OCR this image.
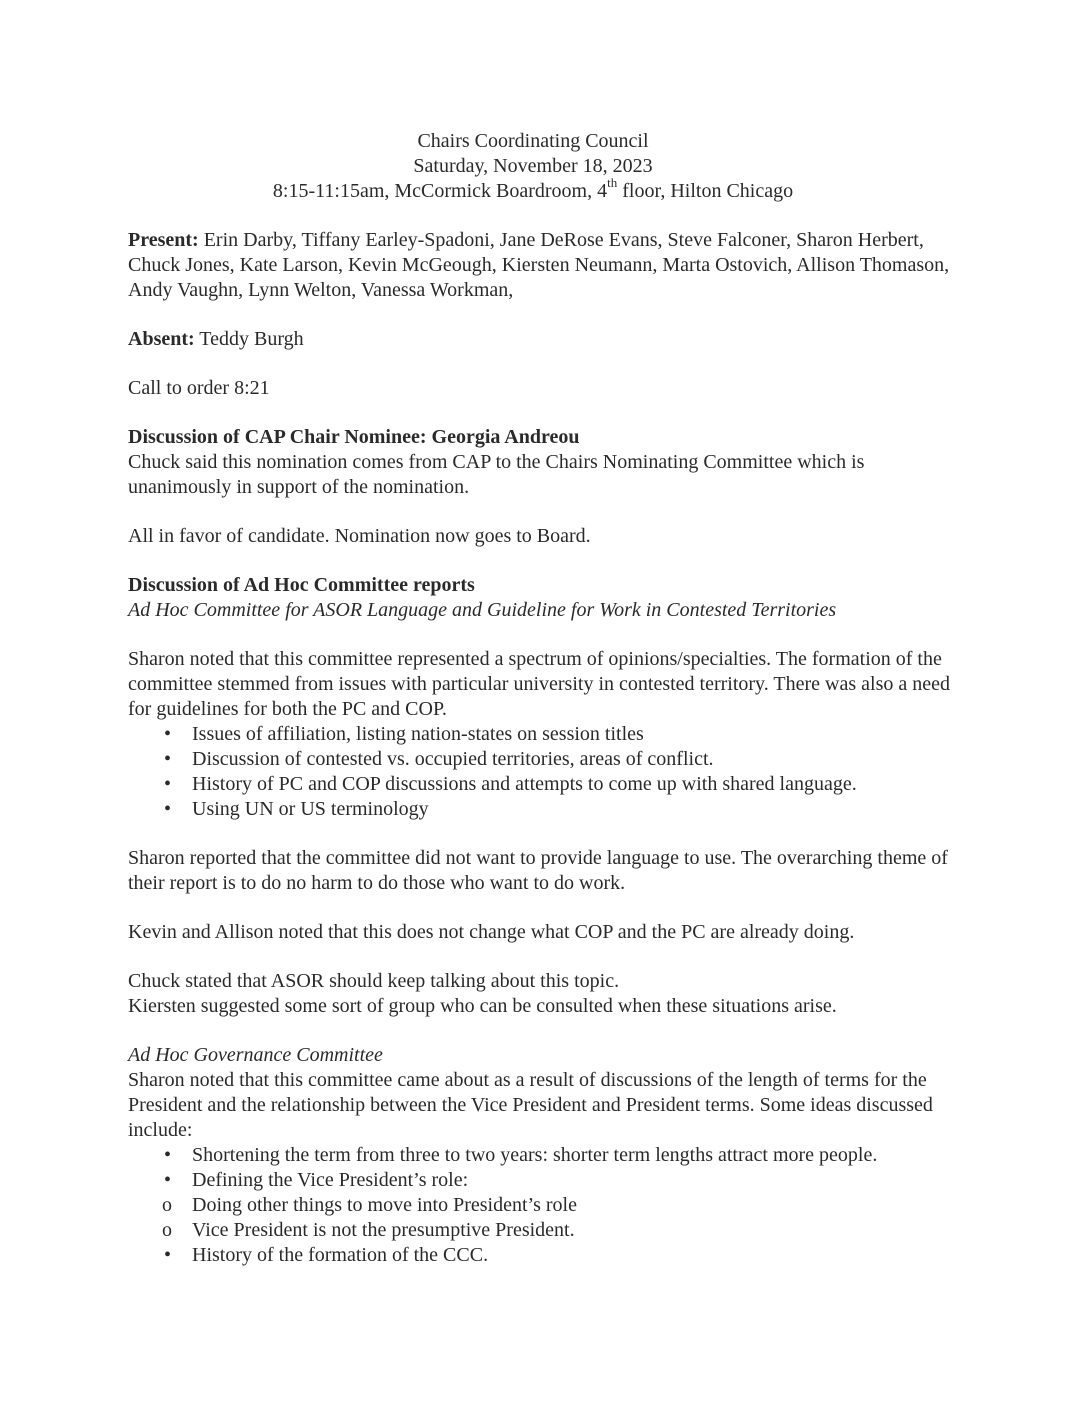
Chairs Coordinating Council
Saturday, November 18, 2023
8:15-11:15am, McCormick Boardroom, 4th floor, Hilton Chicago

Present: Erin Darby, Tiffany Earley-Spadoni, Jane DeRose Evans, Steve Falconer, Sharon Herbert, Chuck Jones, Kate Larson, Kevin McGeough, Kiersten Neumann, Marta Ostovich, Allison Thomason, Andy Vaughn, Lynn Welton, Vanessa Workman,

Absent: Teddy Burgh

Call to order 8:21

Discussion of CAP Chair Nominee: Georgia Andreou
Chuck said this nomination comes from CAP to the Chairs Nominating Committee which is unanimously in support of the nomination.

All in favor of candidate. Nomination now goes to Board.

Discussion of Ad Hoc Committee reports
Ad Hoc Committee for ASOR Language and Guideline for Work in Contested Territories

Sharon noted that this committee represented a spectrum of opinions/specialties. The formation of the committee stemmed from issues with particular university in contested territory. There was also a need for guidelines for both the PC and COP.

• Issues of affiliation, listing nation-states on session titles
• Discussion of contested vs. occupied territories, areas of conflict.
• History of PC and COP discussions and attempts to come up with shared language.
• Using UN or US terminology

Sharon reported that the committee did not want to provide language to use. The overarching theme of their report is to do no harm to do those who want to do work.

Kevin and Allison noted that this does not change what COP and the PC are already doing.

Chuck stated that ASOR should keep talking about this topic.
Kiersten suggested some sort of group who can be consulted when these situations arise.

Ad Hoc Governance Committee
Sharon noted that this committee came about as a result of discussions of the length of terms for the President and the relationship between the Vice President and President terms. Some ideas discussed include:

• Shortening the term from three to two years: shorter term lengths attract more people.
• Defining the Vice President’s role:
o Doing other things to move into President’s role
o Vice President is not the presumptive President.
• History of the formation of the CCC.
